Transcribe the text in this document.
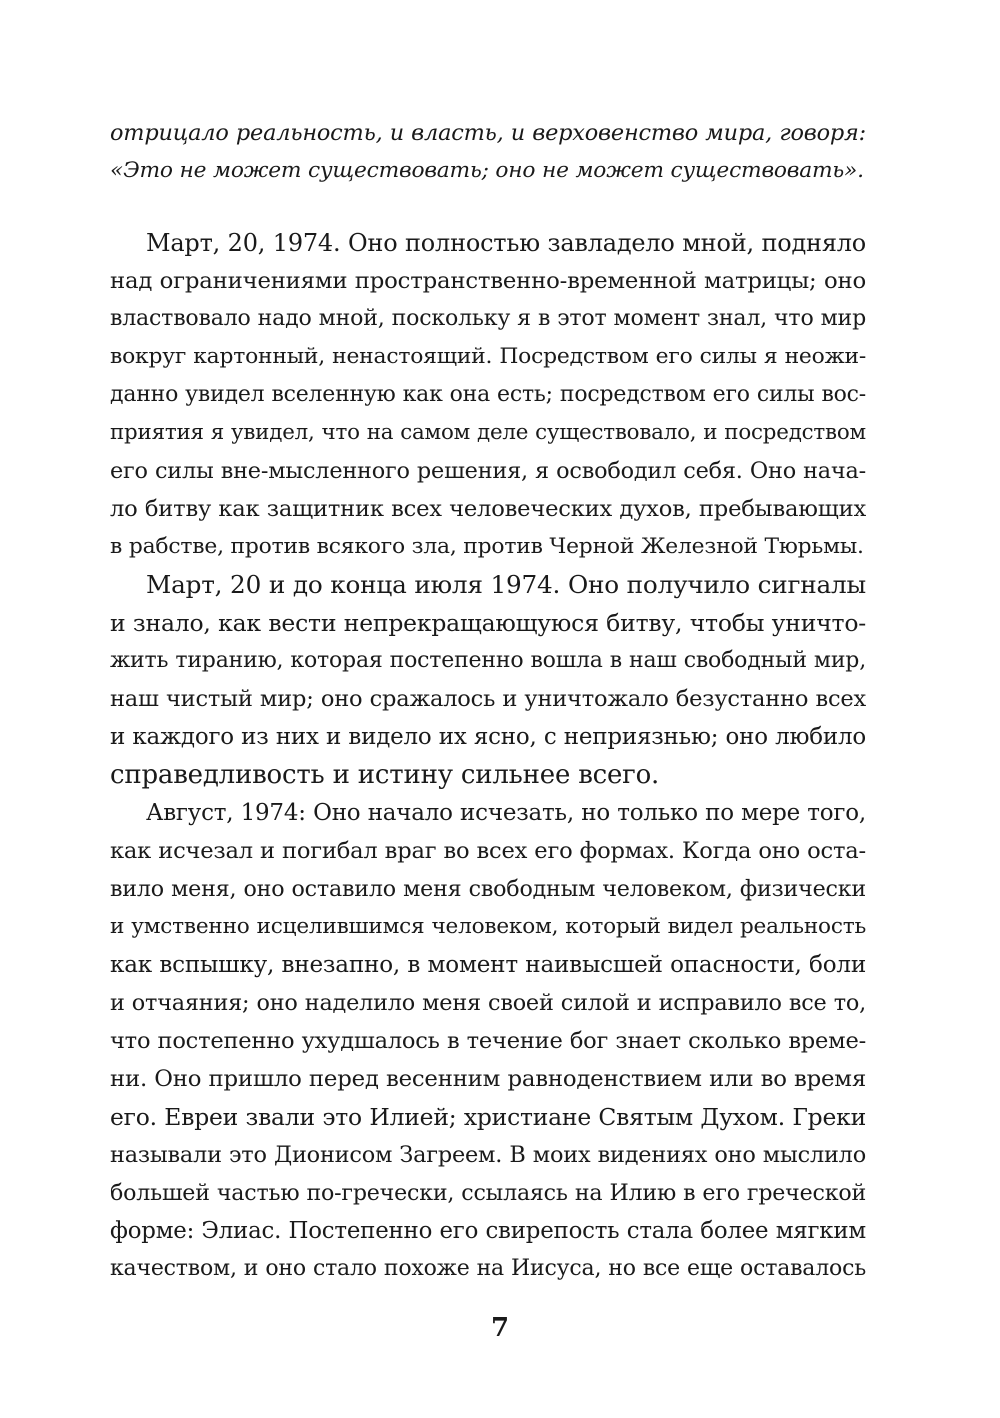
отрицало реальность, и власть, и верховенство мира, говоря:
«Это не может существовать; оно не может существовать».
Март, 20, 1974. Оно полностью завладело мной, подняло
над ограничениями пространственно-временной матрицы; оно
властвовало надо мной, поскольку я в этот момент знал, что мир
вокруг картонный, ненастоящий. Посредством его силы я неожи-
данно увидел вселенную как она есть; посредством его силы вос-
приятия я увидел, что на самом деле существовало, и посредством
его силы вне-мысленного решения, я освободил себя. Оно нача-
ло битву как защитник всех человеческих духов, пребывающих
в рабстве, против всякого зла, против Черной Железной Тюрьмы.
Март, 20 и до конца июля 1974. Оно получило сигналы
и знало, как вести непрекращающуюся битву, чтобы уничто-
жить тиранию, которая постепенно вошла в наш свободный мир,
наш чистый мир; оно сражалось и уничтожало безустанно всех
и каждого из них и видело их ясно, с неприязнью; оно любило
справедливость и истину сильнее всего.
Август, 1974: Оно начало исчезать, но только по мере того,
как исчезал и погибал враг во всех его формах. Когда оно оста-
вило меня, оно оставило меня свободным человеком, физически
и умственно исцелившимся человеком, который видел реальность
как вспышку, внезапно, в момент наивысшей опасности, боли
и отчаяния; оно наделило меня своей силой и исправило все то,
что постепенно ухудшалось в течение бог знает сколько време-
ни. Оно пришло перед весенним равноденствием или во время
его. Евреи звали это Илией; христиане Святым Духом. Греки
называли это Дионисом Загреем. В моих видениях оно мыслило
большей частью по-гречески, ссылаясь на Илию в его греческой
форме: Элиас. Постепенно его свирепость стала более мягким
качеством, и оно стало похоже на Иисуса, но все еще оставалось
7
